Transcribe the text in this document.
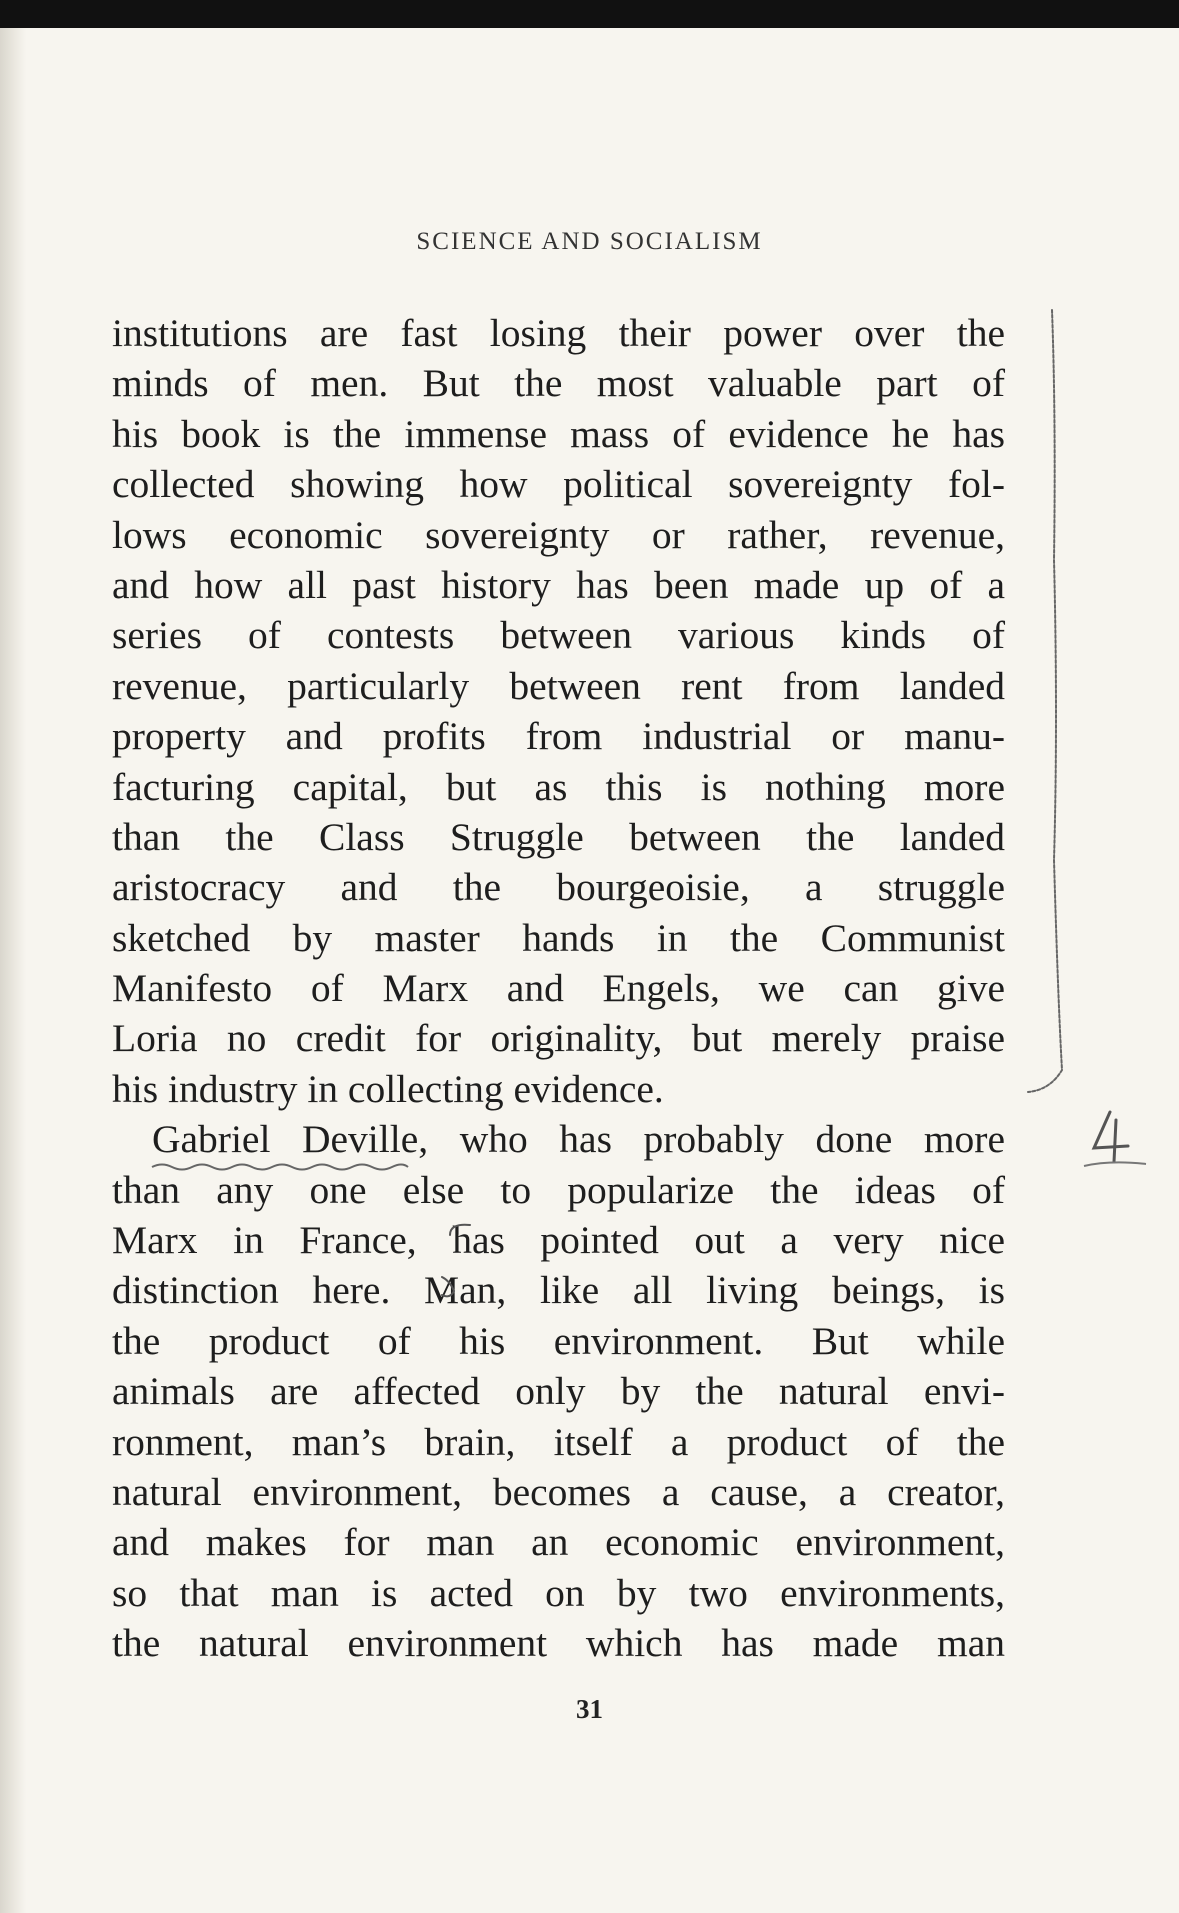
SCIENCE AND SOCIALISM
institutions are fast losing their power over the
minds of men. But the most valuable part of
his book is the immense mass of evidence he has
collected showing how political sovereignty fol-
lows economic sovereignty or rather, revenue,
and how all past history has been made up of a
series of contests between various kinds of
revenue, particularly between rent from landed
property and profits from industrial or manu-
facturing capital, but as this is nothing more
than the Class Struggle between the landed
aristocracy and the bourgeoisie, a struggle
sketched by master hands in the Communist
Manifesto of Marx and Engels, we can give
Loria no credit for originality, but merely praise
his industry in collecting evidence.
Gabriel Deville, who has probably done more
than any one else to popularize the ideas of
Marx in France, has pointed out a very nice
distinction here. Man, like all living beings, is
the product of his environment. But while
animals are affected only by the natural envi-
ronment, man’s brain, itself a product of the
natural environment, becomes a cause, a creator,
and makes for man an economic environment,
so that man is acted on by two environments,
the natural environment which has made man
31
